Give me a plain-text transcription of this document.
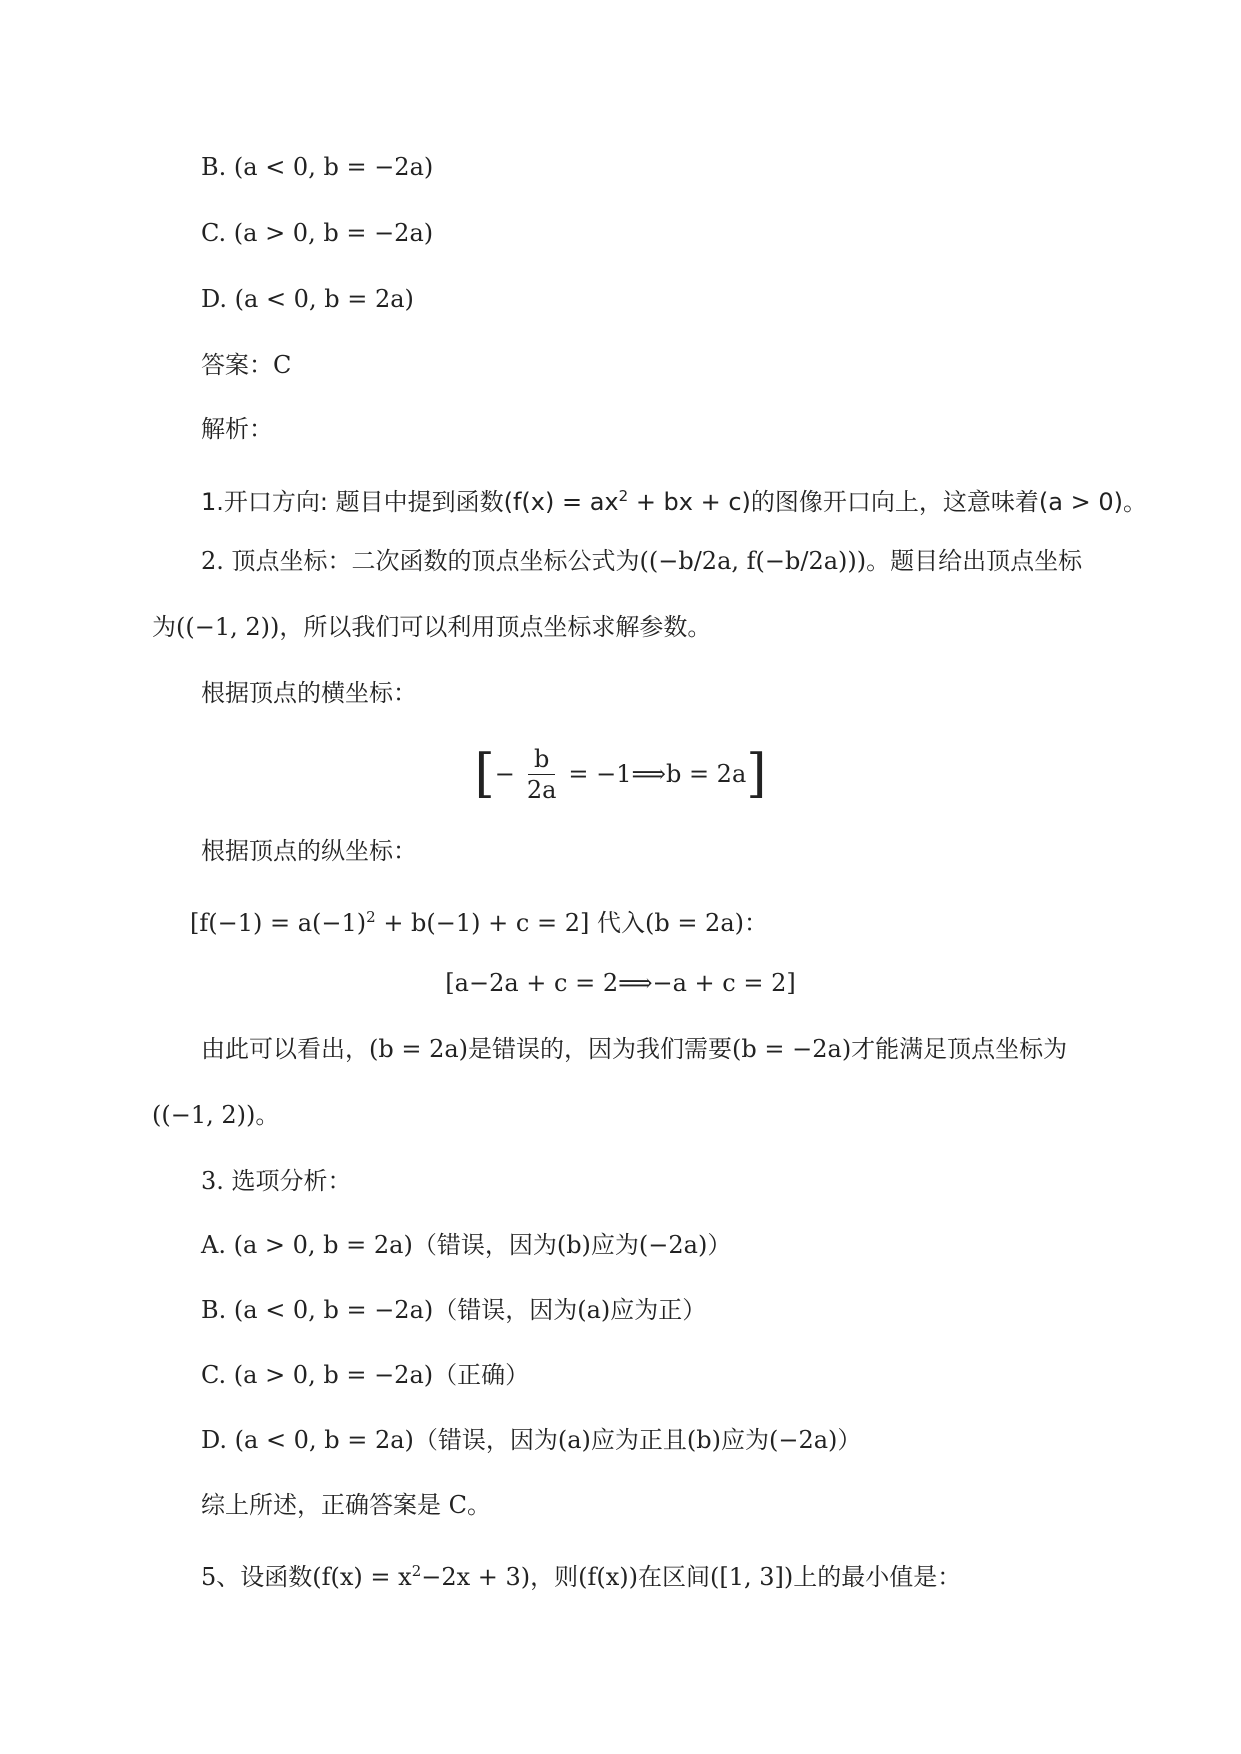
B. (a < 0, b = −2a)
C. (a > 0, b = −2a)
D. (a < 0, b = 2a)
答案：C
解析：
1.开口方向: 题目中提到函数($f(x) = ax^2$ + bx + c)的图像开口向上，这意味着(a > 0)。
2. 顶点坐标：二次函数的顶点坐标公式为((−b/2a, f(−b/2a)))。题目给出顶点坐标
为((−1, 2))，所以我们可以利用顶点坐标求解参数。
根据顶点的横坐标：
[ − $\frac{b}{2a}$ = −1⟹b = 2a ]
根据顶点的纵坐标：
$[f(-1) = a(-1)^2 + b(-1) + c = 2]$ 代入(b = 2a)：
[a−2a + c = 2⟹−a + c = 2]
由此可以看出，(b = 2a)是错误的，因为我们需要(b = −2a)才能满足顶点坐标为
((−1, 2))。
3. 选项分析：
A. (a > 0, b = 2a)（错误，因为(b)应为(−2a)）
B. (a < 0, b = −2a)（错误，因为(a)应为正）
C. (a > 0, b = −2a)（正确）
D. (a < 0, b = 2a)（错误，因为(a)应为正且(b)应为(−2a)）
综上所述，正确答案是 C。
5、设函数$(f(x) = x^2-2x + 3)$，则(f(x))在区间([1, 3])上的最小值是：
